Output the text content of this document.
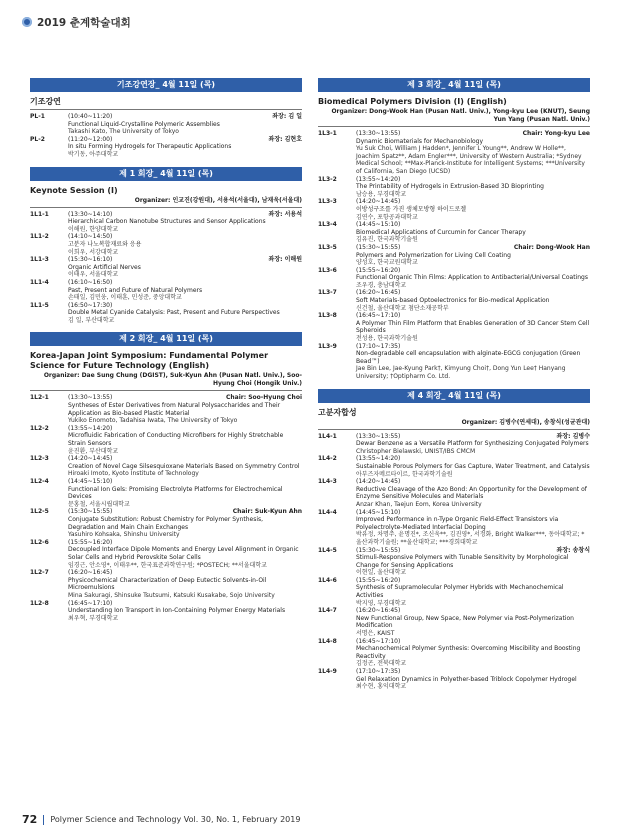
2019 춘계학술대회
기조강연장_ 4월 11일 (목)
기조강연
PL-1	(10:40~11:20)	좌장: 김 일
Functional Liquid-Crystalline Polymeric Assemblies
Takashi Kato, The University of Tokyo
PL-2	(11:20~12:00)	좌장: 김현호
In situ Forming Hydrogels for Therapeutic Applications
박기동, 아주대학교
제 1 회장_ 4월 11일 (목)
Keynote Session (I)
Organizer: 인교진(강원대), 서용석(서울대), 남재욱(서울대)
1L1-1	(13:30~14:10)	좌장: 서용석
Hierarchical Carbon Nanotube Structures and Sensor Applications
이해원, 한양대학교
1L1-2	(14:10~14:50)
고분자 나노복합재료와 응용
이희우, 서강대학교
1L1-3	(15:30~16:10)	좌장: 이해원
Organic Artificial Nerves
이태우, 서울대학교
1L1-4	(16:10~16:50)
Past, Present and Future of Natural Polymers
손태일, 김민웅, 이태훈, 민성준, 중앙대학교
1L1-5	(16:50~17:30)
Double Metal Cyanide Catalysis: Past, Present and Future Perspectives
김 일, 부산대학교
제 2 회장_ 4월 11일 (목)
Korea-Japan Joint Symposium: Fundamental Polymer Science for Future Technology (English)
Organizer: Dae Sung Chung (DGIST), Suk-Kyun Ahn (Pusan Natl. Univ.), Soo-Hyung Choi (Hongik Univ.)
1L2-1	(13:30~13:55)	Chair: Soo-Hyung Choi
Syntheses of Ester Derivatives from Natural Polysaccharides and Their Application as Bio-based Plastic Material
Yukiko Enomoto, Tadahisa Iwata, The University of Tokyo
1L2-2	(13:55~14:20)
Microfluidic Fabrication of Conducting Microfibers for Highly Stretchable Strain Sensors
윤진환, 부산대학교
1L2-3	(14:20~14:45)
Creation of Novel Cage Silsesquioxane Materials Based on Symmetry Control
Hiroaki Imoto, Kyoto Institute of Technology
1L2-4	(14:45~15:10)
Functional Ion Gels: Promising Electrolyte Platforms for Electrochemical Devices
문홍철, 서울시립대학교
1L2-5	(15:30~15:55)	Chair: Suk-Kyun Ahn
Conjugate Substitution: Robust Chemistry for Polymer Synthesis, Degradation and Main Chain Exchanges
Yasuhiro Kohsaka, Shinshu University
1L2-6	(15:55~16:20)
Decoupled Interface Dipole Moments and Energy Level Alignment in Organic Solar Cells and Hybrid Perovskite Solar Cells
임경근, 안소영*, 이태우**, 한국표준과학연구원; *POSTECH; **서울대학교
1L2-7	(16:20~16:45)
Physicochemical Characterization of Deep Eutectic Solvents-in-Oil Microemulsions
Mina Sakuragi, Shinsuke Tsutsumi, Katsuki Kusakabe, Sojo University
1L2-8	(16:45~17:10)
Understanding Ion Transport in Ion-Containing Polymer Energy Materials
최우혁, 부경대학교
제 3 회장_ 4월 11일 (목)
Biomedical Polymers Division (I) (English)
Organizer: Dong-Wook Han (Pusan Natl. Univ.), Yong-kyu Lee (KNUT), Seung Yun Yang (Pusan Natl. Univ.)
1L3-1	(13:30~13:55)	Chair: Yong-kyu Lee
Dynamic Biomaterials for Mechanobiology
Yu Suk Choi, William J Hadden*, Jennifer L Young**, Andrew W Holle**, Joachim Spatz**, Adam Engler***, University of Western Australia; *Sydney Medical School; **Max-Planck-Institute for Intelligent Systems; ***University of California, San Diego (UCSD)
1L3-2	(13:55~14:20)
The Printability of Hydrogels in Extrusion-Based 3D Bioprinting
남승용, 부경대학교
1L3-3	(14:20~14:45)
이방성구조를 가진 생체모방형 하이드로젤
김연수, 포항공과대학교
1L3-4	(14:45~15:10)
Biomedical Applications of Curcumin for Cancer Therapy
김유진, 한국과학기술원
1L3-5	(15:30~15:55)	Chair: Dong-Wook Han
Polymers and Polymerization for Living Cell Coating
양성호, 한국교원대학교
1L3-6	(15:55~16:20)
Functional Organic Thin Films: Application to Antibacterial/Universal Coatings
조우경, 충남대학교
1L3-7	(16:20~16:45)
Soft Materials-based Optoelectronics for Bio-medical Application
신건철, 울산대학교 첨단소재공학부
1L3-8	(16:45~17:10)
A Polymer Thin Film Platform that Enables Generation of 3D Cancer Stem Cell Spheroids
전성용, 한국과학기술원
1L3-9	(17:10~17:35)
Non-degradable cell encapsulation with alginate-EGCG conjugation (Green Bead™)
Jae Bin Lee, Jae-Kyung Park†, Kimyung Choi†, Dong Yun Lee† Hanyang University; †Optipharm Co. Ltd.
제 4 회장_ 4월 11일 (목)
고분자합성
Organizer: 김병수(연세대), 송창식(성균관대)
1L4-1	(13:30~13:55)	좌장: 김병수
Dewar Benzene as a Versatile Platform for Synthesizing Conjugated Polymers
Christopher Bielawski, UNIST/IBS CMCM
1L4-2	(13:55~14:20)
Sustainable Porous Polymers for Gas Capture, Water Treatment, and Catalysis
아부즈자메르타이르, 한국과학기술원
1L4-3	(14:20~14:45)
Reductive Cleavage of the Azo Bond: An Opportunity for the Development of Enzyme Sensitive Molecules and Materials
Anzar Khan, Taejun Eom, Korea University
1L4-4	(14:45~15:10)
Improved Performance in n-Type Organic Field-Effect Transistors via Polyelectrolyte-Mediated Interfacial Doping
박유정, 차명주, 윤명진*, 조신욱**, 김진영*, 서정화, Bright Walker***, 동아대학교; *울산과학기술원; **울산대학교; ***경희대학교
1L4-5	(15:30~15:55)	좌장: 송창식
Stimuli-Responsive Polymers with Tunable Sensitivity by Morphological Change for Sensing Applications
이현일, 울산대학교
1L4-6	(15:55~16:20)
Synthesis of Supramolecular Polymer Hybrids with Mechanochemical Activities
박지영, 부경대학교
1L4-7	(16:20~16:45)
New Functional Group, New Space, New Polymer via Post-Polymerization Modification
서명은, KAIST
1L4-8	(16:45~17:10)
Mechanochemical Polymer Synthesis: Overcoming Miscibility and Boosting Reactivity
김정곤, 전북대학교
1L4-9	(17:10~17:35)
Gel Relaxation Dynamics in Polyether-based Triblock Copolymer Hydrogel
최수현, 홍익대학교
72 Polymer Science and Technology Vol. 30, No. 1, February 2019
